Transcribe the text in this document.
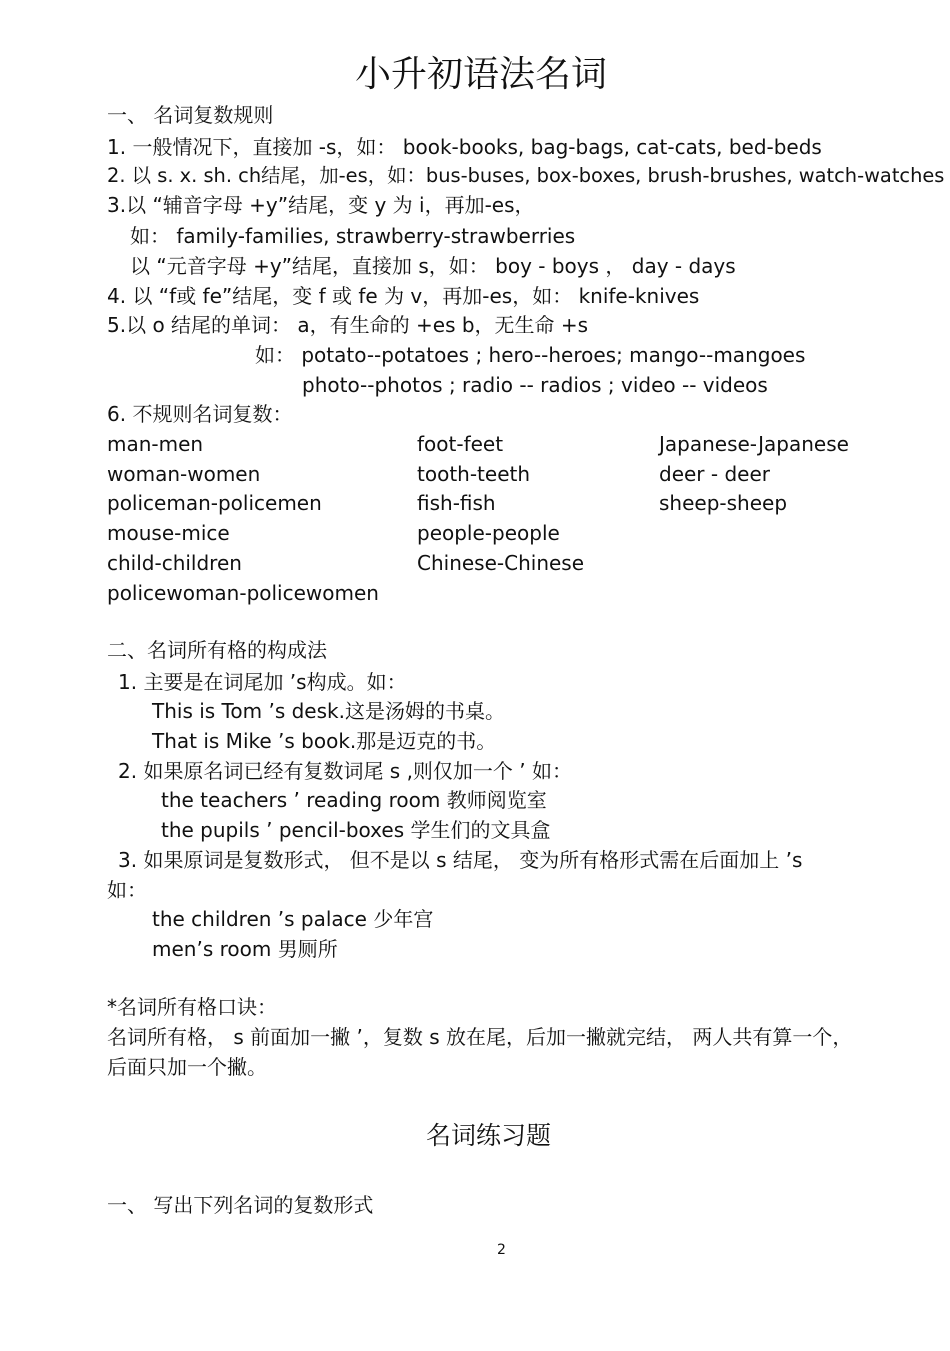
小升初语法名词
一、 名词复数规则
1. 一般情况下，直接加 -s，如： book-books, bag-bags, cat-cats, bed-beds
2. 以 s. x. sh. ch结尾，加-es，如：bus-buses, box-boxes, brush-brushes, watch-watches
3.以 “辅音字母 +y”结尾，变 y 为 i，再加-es，
如： family-families, strawberry-strawberries
以 “元音字母 +y”结尾，直接加 s，如： boy - boys ， day - days
4. 以 “f或 fe”结尾，变 f 或 fe 为 v，再加-es，如： knife-knives
5.以 o 结尾的单词： a，有生命的 +es b，无生命 +s
如： potato--potatoes ; hero--heroes; mango--mangoes
photo--photos ; radio -- radios ; video -- videos
6. 不规则名词复数：
man-men
woman-women
policeman-policemen
mouse-mice
child-children
policewoman-policewomen
foot-feet
tooth-teeth
fish-fish
people-people
Chinese-Chinese
Japanese-Japanese
deer - deer
sheep-sheep
二、名词所有格的构成法
1. 主要是在词尾加 ’s构成。如：
This is Tom ’s desk.这是汤姆的书桌。
That is Mike ’s book.那是迈克的书。
2. 如果原名词已经有复数词尾 s ,则仅加一个 ’ 如：
the teachers ’ reading room 教师阅览室
the pupils ’ pencil-boxes 学生们的文具盒
3. 如果原词是复数形式， 但不是以 s 结尾， 变为所有格形式需在后面加上 ’s
如：
the children ’s palace 少年宫
men’s room 男厕所
*名词所有格口诀：
名词所有格， s 前面加一撇 ’，复数 s 放在尾，后加一撇就完结， 两人共有算一个，
后面只加一个撇。
名词练习题
一、 写出下列名词的复数形式
2
